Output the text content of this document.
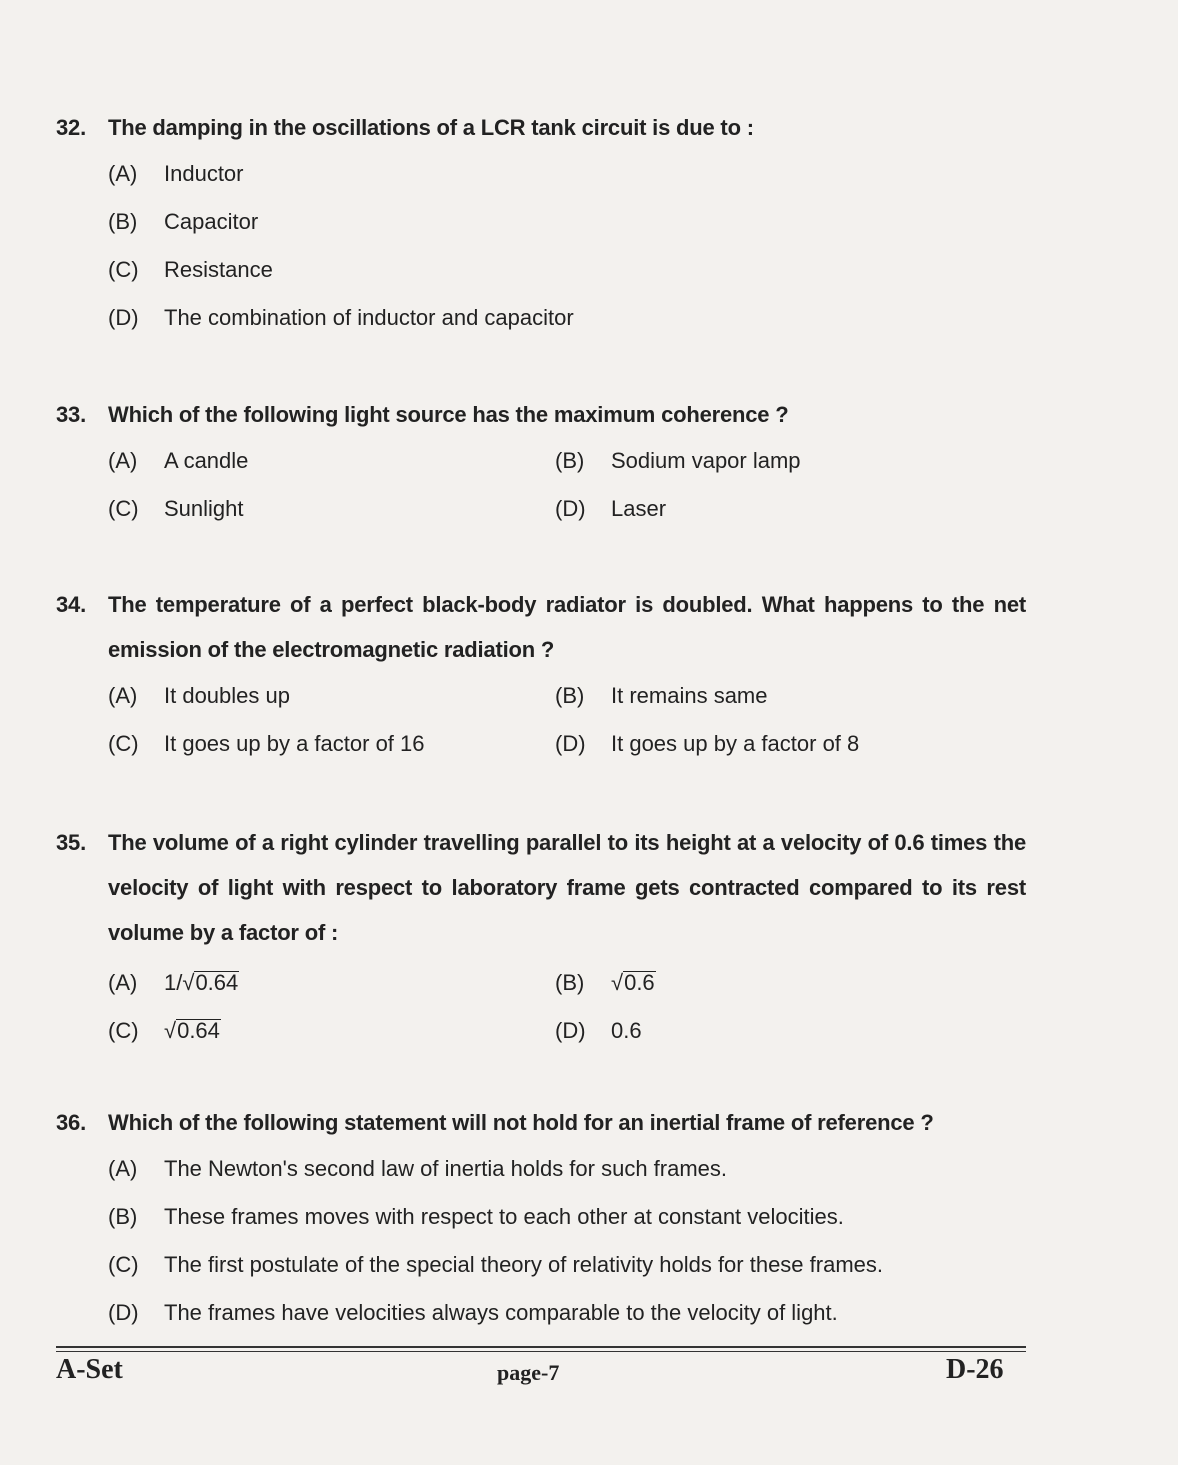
32.	The damping in the oscillations of a LCR tank circuit is due to :
(A)	Inductor
(B)	Capacitor
(C)	Resistance
(D)	The combination of inductor and capacitor
33.	Which of the following light source has the maximum coherence ?
(A)	A candle	(B)	Sodium vapor lamp
(C)	Sunlight	(D)	Laser
34.	The temperature of a perfect black-body radiator is doubled. What happens to the net emission of the electromagnetic radiation ?
(A)	It doubles up	(B)	It remains same
(C)	It goes up by a factor of 16	(D)	It goes up by a factor of 8
35.	The volume of a right cylinder travelling parallel to its height at a velocity of 0.6 times the velocity of light with respect to laboratory frame gets contracted compared to its rest volume by a factor of :
(A)	1/√0.64	(B)	√0.6
(C)	√0.64	(D)	0.6
36.	Which of the following statement will not hold for an inertial frame of reference ?
(A)	The Newton's second law of inertia holds for such frames.
(B)	These frames moves with respect to each other at constant velocities.
(C)	The first postulate of the special theory of relativity holds for these frames.
(D)	The frames have velocities always comparable to the velocity of light.
A-Set	page-7	D-26
